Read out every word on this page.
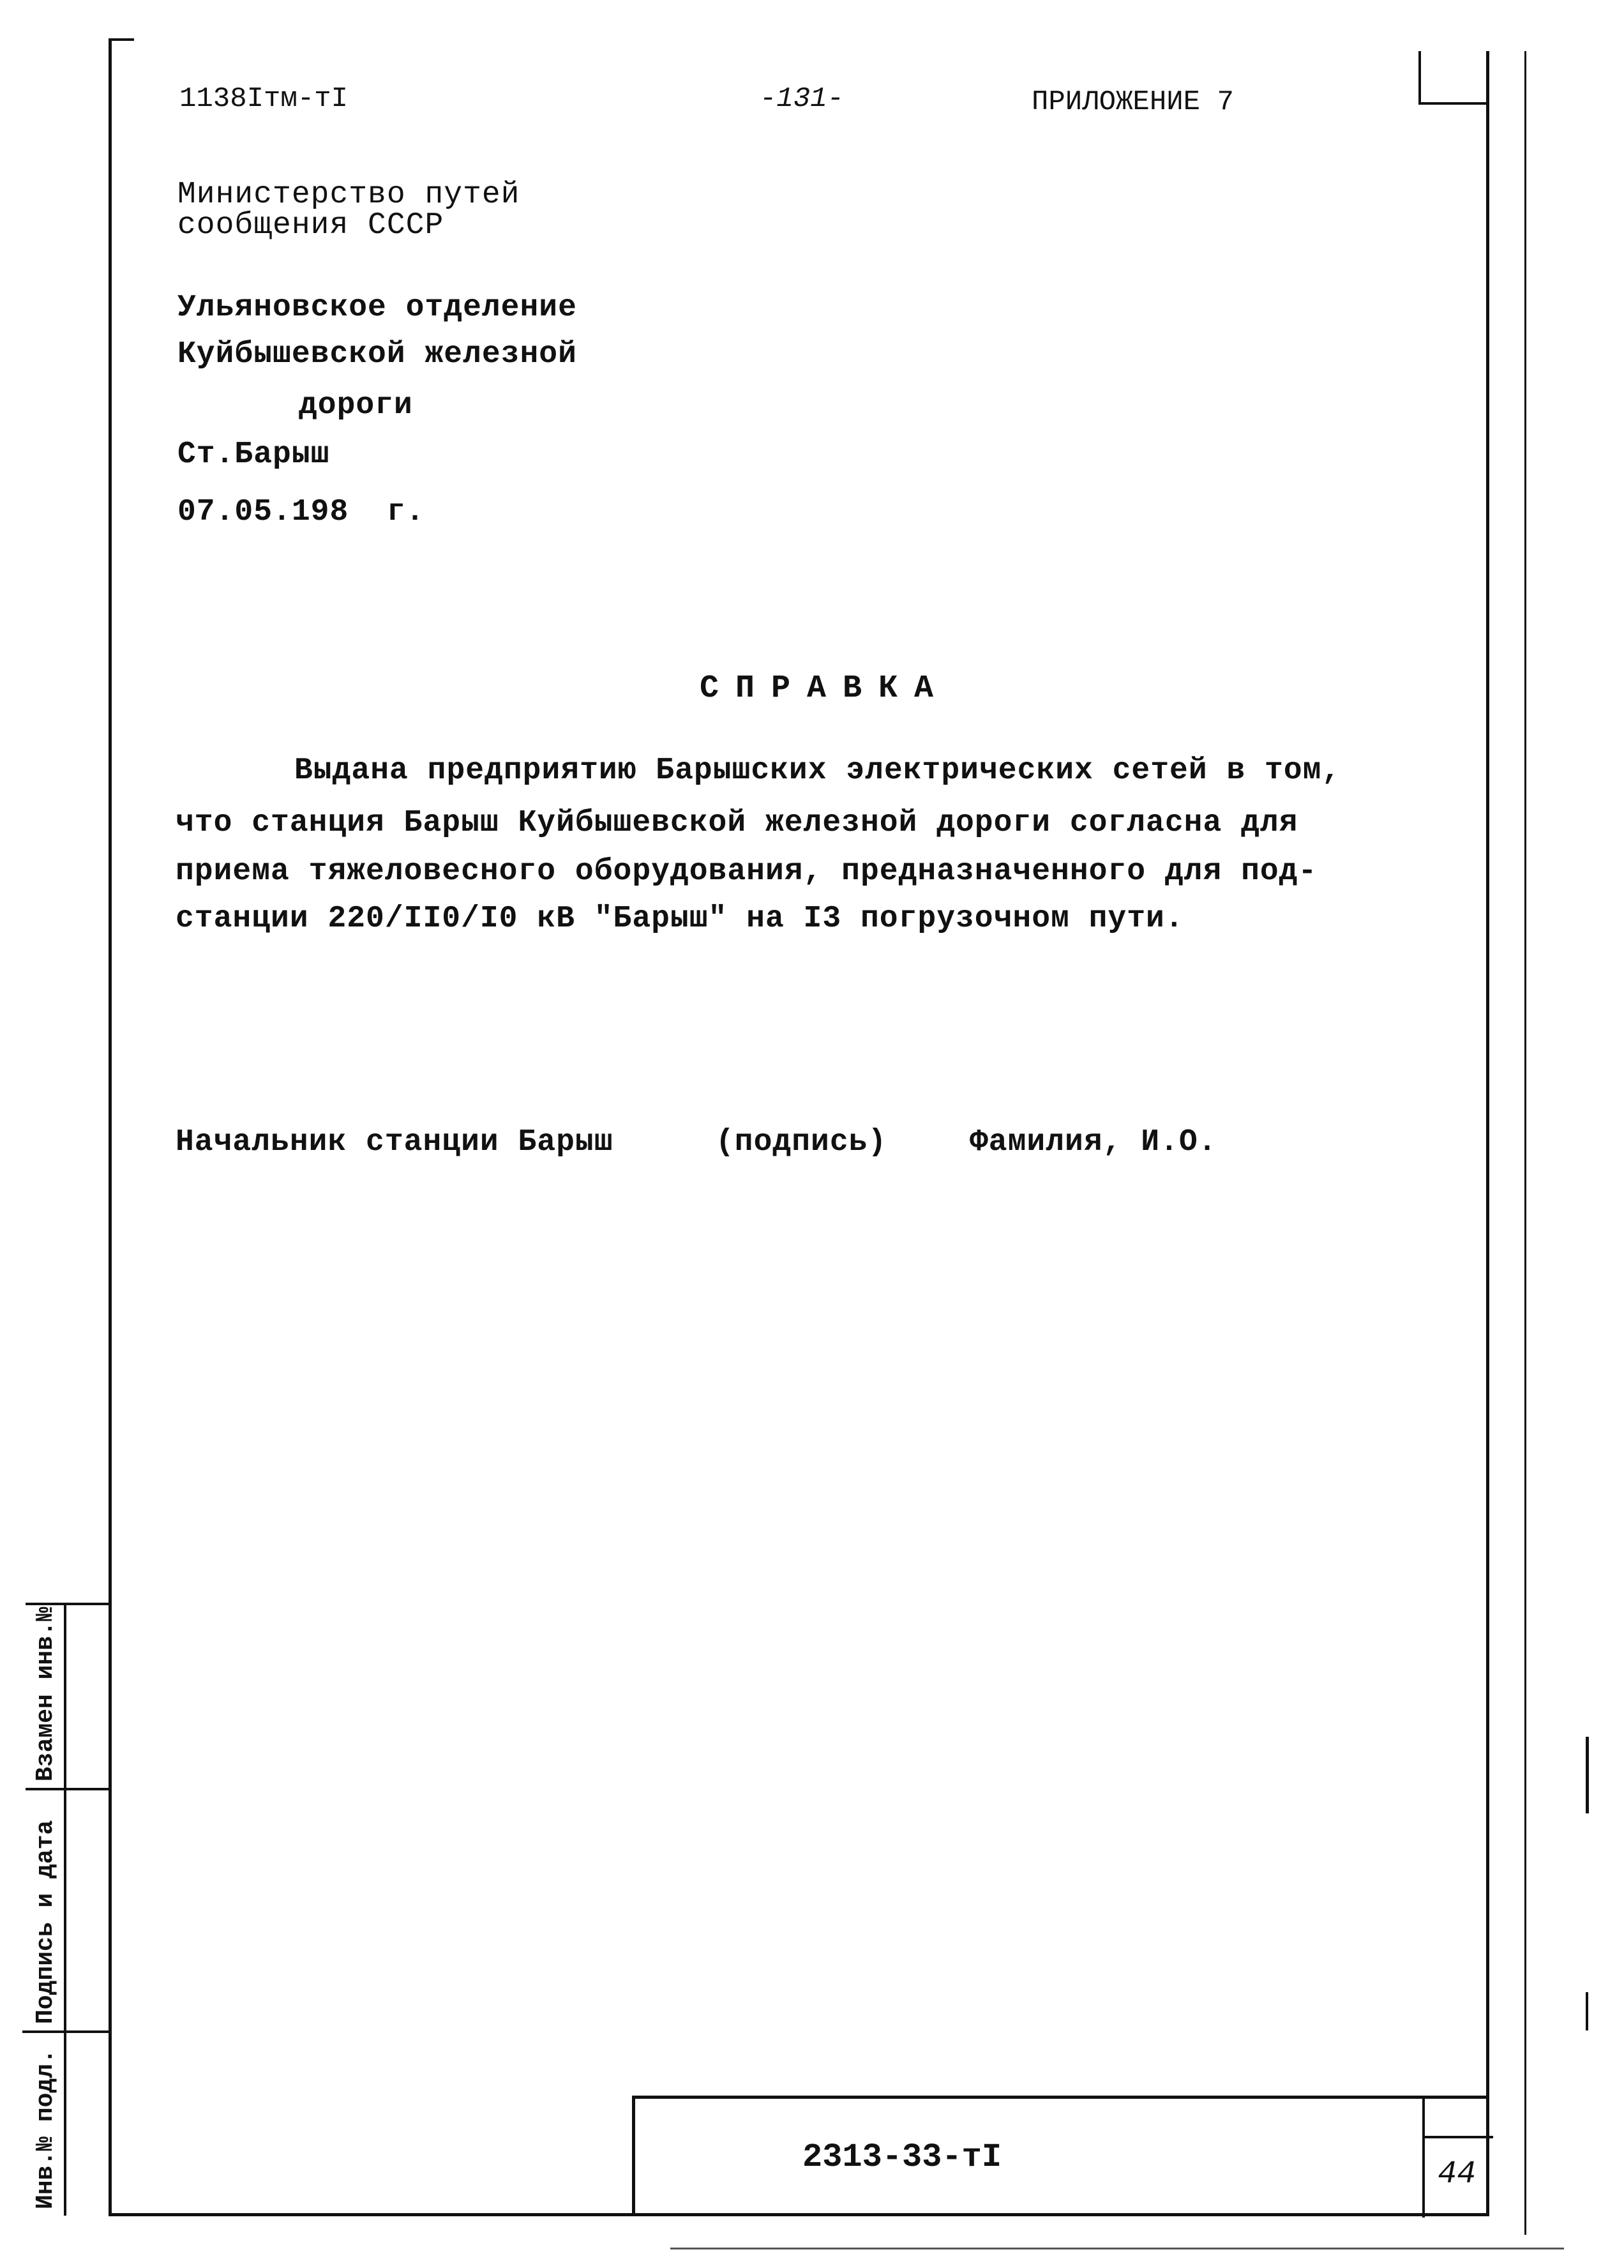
1138Iтм-тI	-131-	ПРИЛОЖЕНИЕ 7
Министерство путей
сообщения СССР
Ульяновское отделение
Куйбышевской железной
дороги
Ст.Барыш
07.05.198  г.
СПРАВКА
Выдана предприятию Барышских электрических сетей в том,
что станция Барыш Куйбышевской железной дороги согласна для
приема тяжеловесного оборудования, предназначенного для под-
станции 220/II0/I0 кВ "Барыш" на I3 погрузочном пути.
Начальник станции Барыш	(подпись)	Фамилия, И.О.
2313-33-тI	44
Взамен инв.№
Подпись и дата
Инв.№ подл.
